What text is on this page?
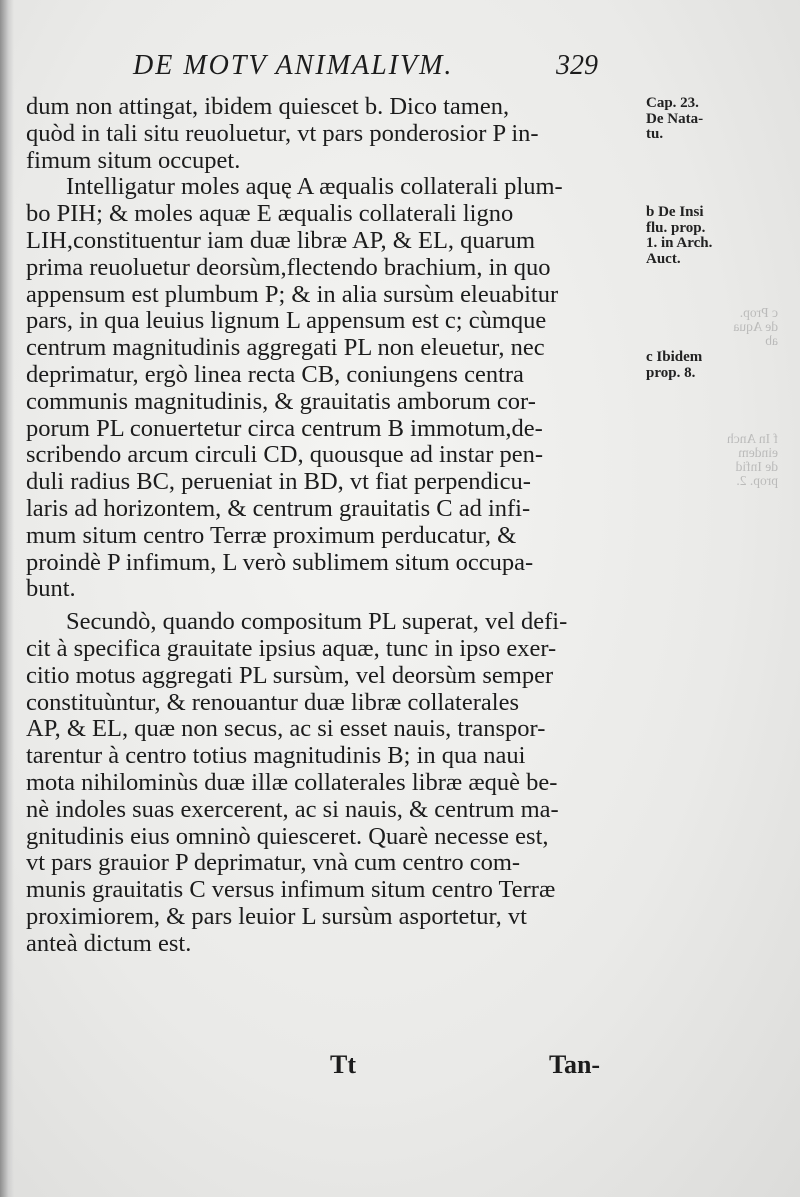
DE MOTV ANIMALIVM.	329
dum non attingat, ibidem quiescet b. Dico tamen,
quòd in tali situ reuoluetur, vt pars ponderosior P in-
fimum situm occupet.
Intelligatur moles aquę A æqualis collaterali plum-
bo PIH; & moles aquæ E æqualis collaterali ligno
LIH,constituentur iam duæ libræ AP, & EL, quarum
prima reuoluetur deorsùm,flectendo brachium, in quo
appensum est plumbum P; & in alia sursùm eleuabitur
pars, in qua leuius lignum L appensum est c; cùmque
centrum magnitudinis aggregati PL non eleuetur, nec
deprimatur, ergò linea recta CB, coniungens centra
communis magnitudinis, & grauitatis amborum cor-
porum PL conuertetur circa centrum B immotum,de-
scribendo arcum circuli CD, quousque ad instar pen-
duli radius BC, perueniat in BD, vt fiat perpendicu-
laris ad horizontem, & centrum grauitatis C ad infi-
mum situm centro Terræ proximum perducatur, &
proindè P infimum, L verò sublimem situm occupa-
bunt.
Secundò, quando compositum PL superat, vel defi-
cit à specifica grauitate ipsius aquæ, tunc in ipso exer-
citio motus aggregati PL sursùm, vel deorsùm semper
constituùntur, & renouantur duæ libræ collaterales
AP, & EL, quæ non secus, ac si esset nauis, transpor-
tarentur à centro totius magnitudinis B; in qua naui
mota nihilominùs duæ illæ collaterales libræ æquè be-
nè indoles suas exercerent, ac si nauis, & centrum ma-
gnitudinis eius omninò quiesceret. Quarè necesse est,
vt pars grauior P deprimatur, vnà cum centro com-
munis grauitatis C versus infimum situm centro Terræ
proximiorem, & pars leuior L sursùm asportetur, vt
anteà dictum est.
Cap. 23.
De Nata-
tu.
c Prop.
de Aqua
ab
b De Insi
flu. prop.
1. in Arch.
Auct.
c Ibidem
prop. 8.
f In Anch
eindem
de Infid
prop. 2.
Tt	Tan-
